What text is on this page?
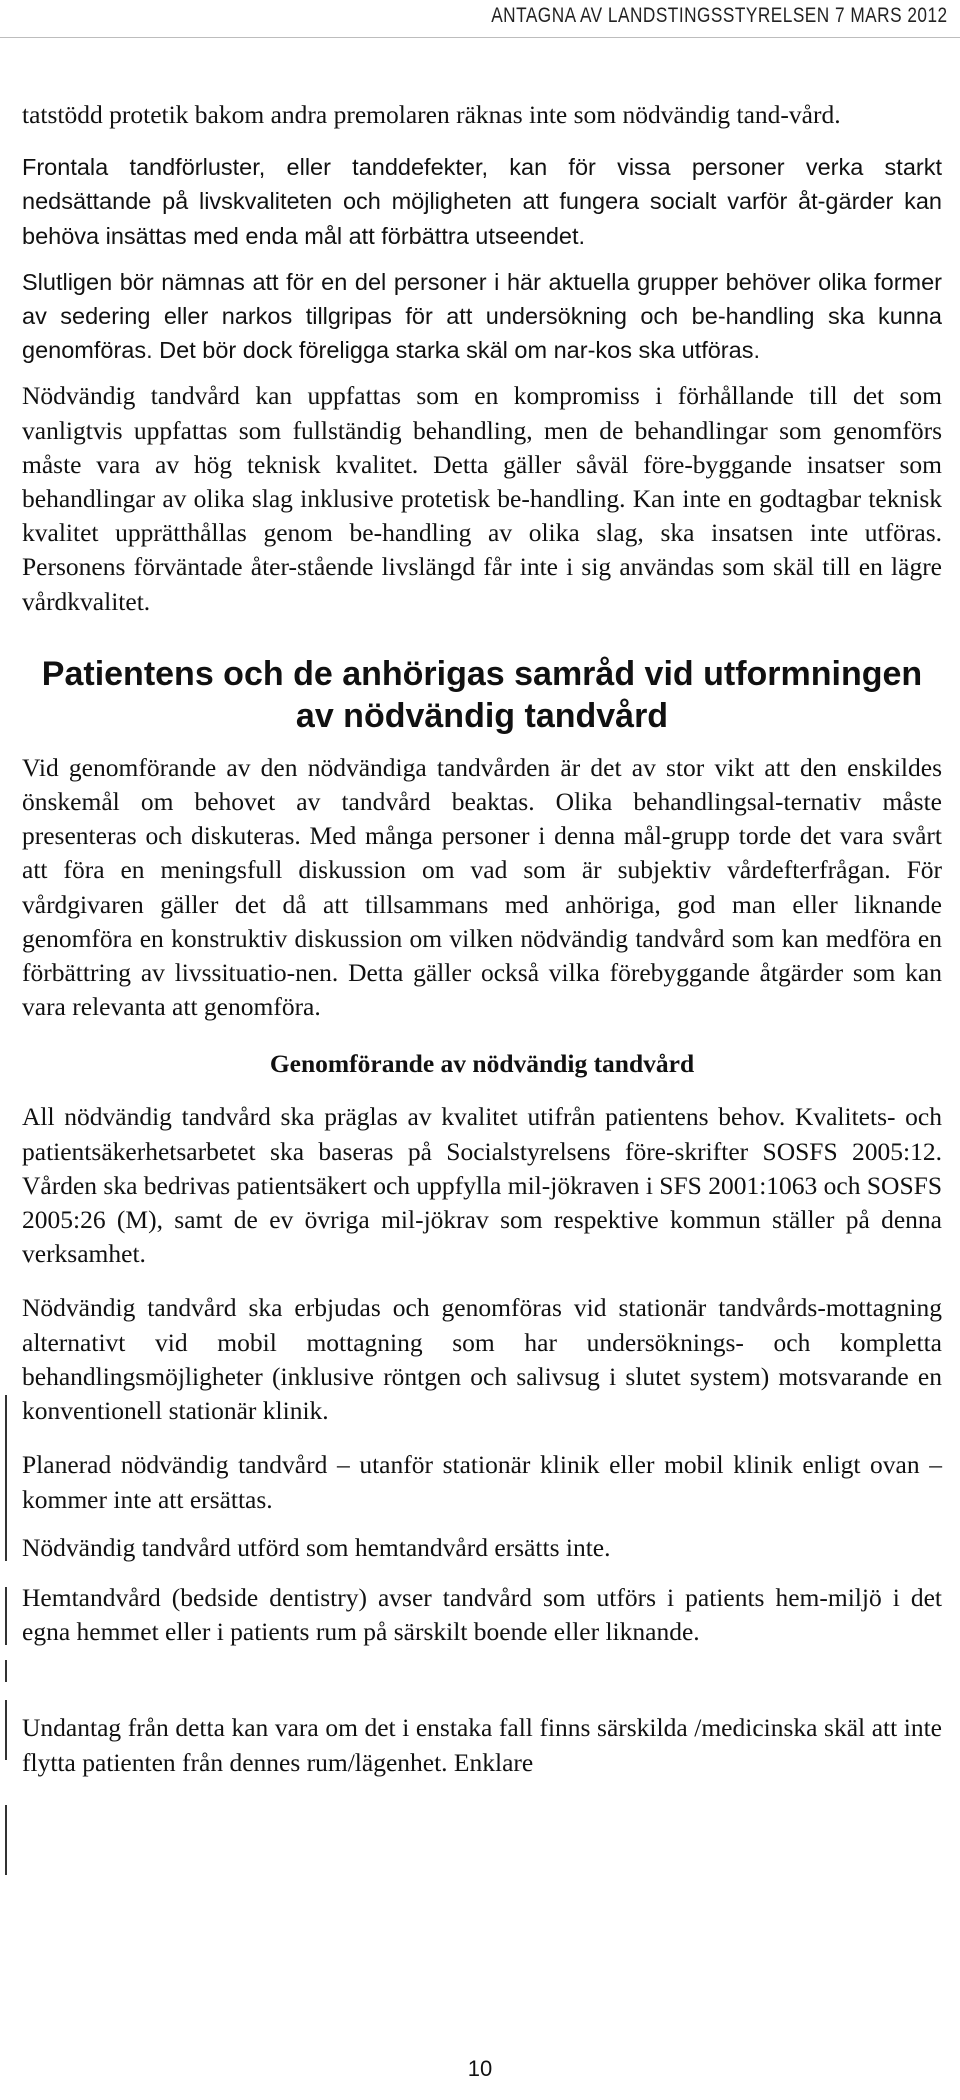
ANTAGNA AV LANDSTINGSSTYRELSEN 7 MARS 2012

tatstödd protetik bakom andra premolaren räknas inte som nödvändig tand-vård.

Frontala tandförluster, eller tanddefekter, kan för vissa personer verka starkt nedsättande på livskvaliteten och möjligheten att fungera socialt varför åt-gärder kan behöva insättas med enda mål att förbättra utseendet.

Slutligen bör nämnas att för en del personer i här aktuella grupper behöver olika former av sedering eller narkos tillgripas för att undersökning och be-handling ska kunna genomföras. Det bör dock föreligga starka skäl om nar-kos ska utföras.

Nödvändig tandvård kan uppfattas som en kompromiss i förhållande till det som vanligtvis uppfattas som fullständig behandling, men de behandlingar som genomförs måste vara av hög teknisk kvalitet. Detta gäller såväl före-byggande insatser som behandlingar av olika slag inklusive protetisk be-handling. Kan inte en godtagbar teknisk kvalitet upprätthållas genom be-handling av olika slag, ska insatsen inte utföras. Personens förväntade åter-stående livslängd får inte i sig användas som skäl till en lägre vårdkvalitet.

Patientens och de anhörigas samråd vid utformningen av nödvändig tandvård

Vid genomförande av den nödvändiga tandvården är det av stor vikt att den enskildes önskemål om behovet av tandvård beaktas. Olika behandlingsal-ternativ måste presenteras och diskuteras. Med många personer i denna mål-grupp torde det vara svårt att föra en meningsfull diskussion om vad som är subjektiv vårdefterfrågan. För vårdgivaren gäller det då att tillsammans med anhöriga, god man eller liknande genomföra en konstruktiv diskussion om vilken nödvändig tandvård som kan medföra en förbättring av livssituatio-nen. Detta gäller också vilka förebyggande åtgärder som kan vara relevanta att genomföra.

Genomförande av nödvändig tandvård

All nödvändig tandvård ska präglas av kvalitet utifrån patientens behov. Kvalitets- och patientsäkerhetsarbetet ska baseras på Socialstyrelsens före-skrifter SOSFS 2005:12. Vården ska bedrivas patientsäkert och uppfylla mil-jökraven i SFS 2001:1063 och SOSFS 2005:26 (M), samt de ev övriga mil-jökrav som respektive kommun ställer på denna verksamhet.

Nödvändig tandvård ska erbjudas och genomföras vid stationär tandvårds-mottagning alternativt vid mobil mottagning som har undersöknings- och kompletta behandlingsmöjligheter (inklusive röntgen och salivsug i slutet system) motsvarande en konventionell stationär klinik.

Planerad nödvändig tandvård – utanför stationär klinik eller mobil klinik enligt ovan – kommer inte att ersättas.

Nödvändig tandvård utförd som hemtandvård ersätts inte.

Hemtandvård (bedside dentistry) avser tandvård som utförs i patients hem-miljö i det egna hemmet eller i patients rum på särskilt boende eller liknande.

Undantag från detta kan vara om det i enstaka fall finns särskilda /medicinska skäl att inte flytta patienten från dennes rum/lägenhet. Enklare

10
